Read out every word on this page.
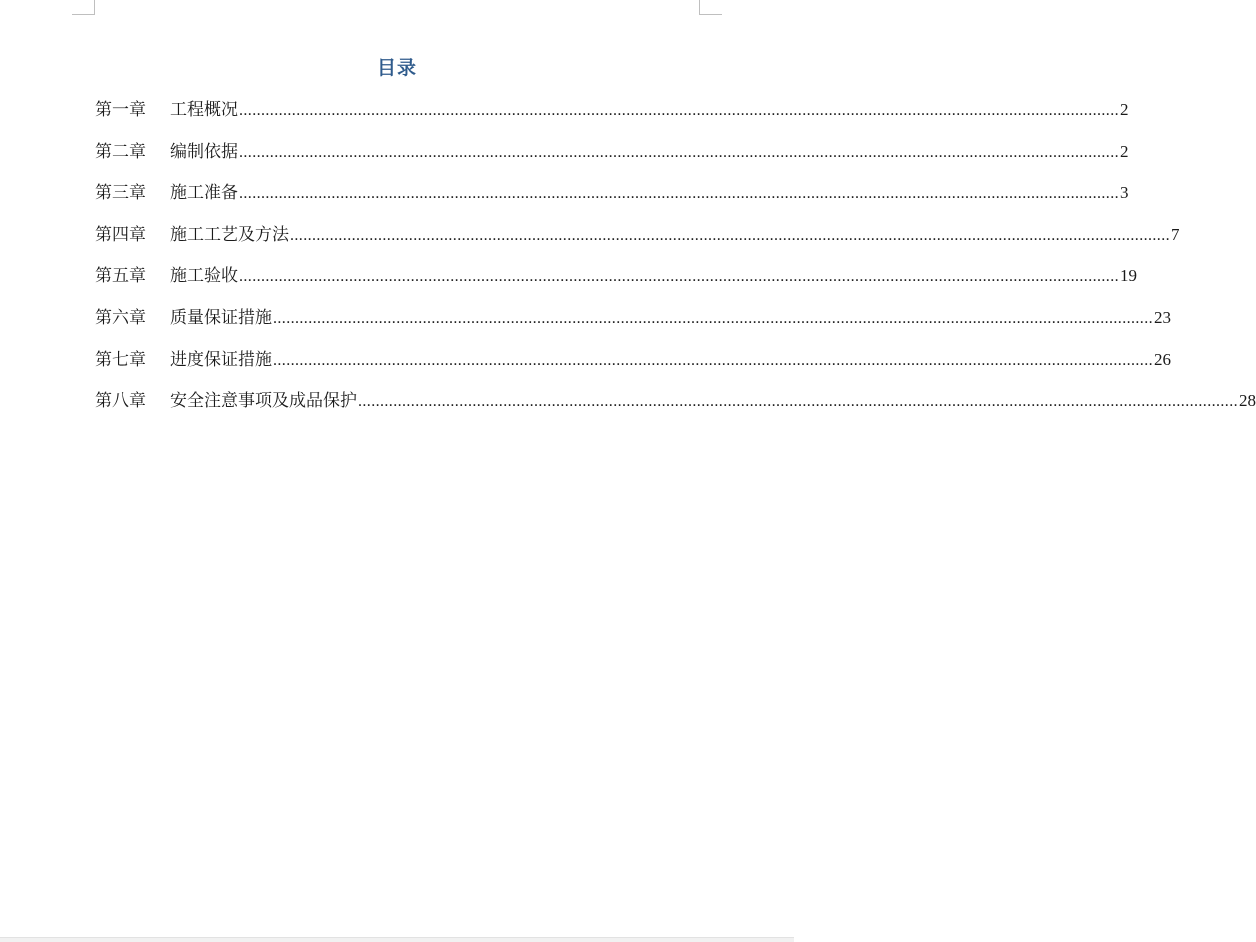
目录
第一章	工程概况 ........................................................................................................................................................................................................ 2
第二章	编制依据 ........................................................................................................................................................................................................ 2
第三章	施工准备 ........................................................................................................................................................................................................ 3
第四章	施工工艺及方法 ........................................................................................................................................................................................................ 7
第五章	施工验收 ........................................................................................................................................................................................................ 19
第六章	质量保证措施 ........................................................................................................................................................................................................ 23
第七章	进度保证措施 ........................................................................................................................................................................................................ 26
第八章	安全注意事项及成品保护 ........................................................................................................................................................................................................ 28
